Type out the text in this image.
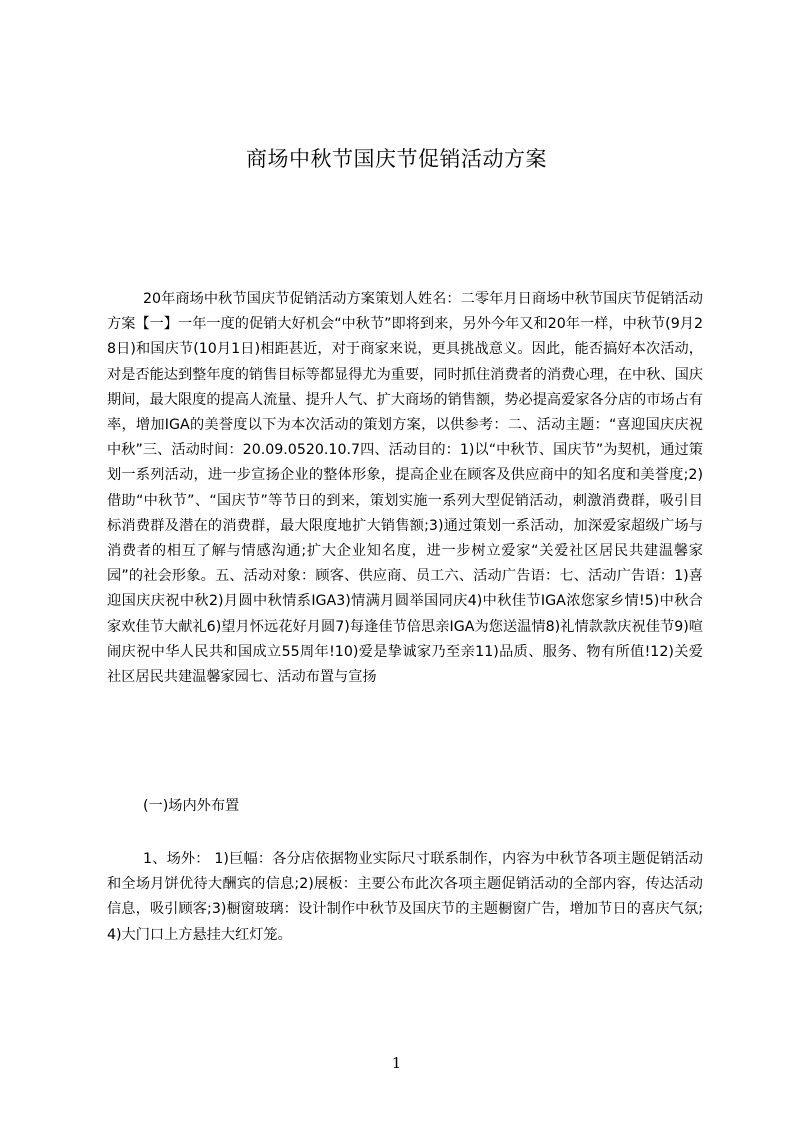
商场中秋节国庆节促销活动方案

20年商场中秋节国庆节促销活动方案策划人姓名：二零年月日商场中秋节国庆节促销活动方案【一】一年一度的促销大好机会“中秋节”即将到来，另外今年又和20年一样，中秋节(9月28日)和国庆节(10月1日)相距甚近，对于商家来说，更具挑战意义。因此，能否搞好本次活动，对是否能达到整年度的销售目标等都显得尤为重要，同时抓住消费者的消费心理，在中秋、国庆期间，最大限度的提高人流量、提升人气、扩大商场的销售额，势必提高爱家各分店的市场占有率，增加IGA的美誉度以下为本次活动的策划方案，以供参考：二、活动主题：“喜迎国庆庆祝中秋”三、活动时间：20.09.0520.10.7四、活动目的：1)以“中秋节、国庆节”为契机，通过策划一系列活动，进一步宣扬企业的整体形象，提高企业在顾客及供应商中的知名度和美誉度;2)借助“中秋节”、“国庆节”等节日的到来，策划实施一系列大型促销活动，刺激消费群，吸引目标消费群及潜在的消费群，最大限度地扩大销售额;3)通过策划一系活动，加深爱家超级广场与消费者的相互了解与情感沟通;扩大企业知名度，进一步树立爱家“关爱社区居民共建温馨家园”的社会形象。五、活动对象：顾客、供应商、员工六、活动广告语：七、活动广告语：1)喜迎国庆庆祝中秋2)月圆中秋情系IGA3)情满月圆举国同庆4)中秋佳节IGA浓您家乡情!5)中秋合家欢佳节大献礼6)望月怀远花好月圆7)每逢佳节倍思亲IGA为您送温情8)礼情款款庆祝佳节9)喧闹庆祝中华人民共和国成立55周年!10)爱是挚诚家乃至亲11)品质、服务、物有所值!12)关爱社区居民共建温馨家园七、活动布置与宣扬

(一)场内外布置

1、场外： 1)巨幅：各分店依据物业实际尺寸联系制作，内容为中秋节各项主题促销活动和全场月饼优待大酬宾的信息;2)展板：主要公布此次各项主题促销活动的全部内容，传达活动信息，吸引顾客;3)橱窗玻璃：设计制作中秋节及国庆节的主题橱窗广告，增加节日的喜庆气氛;4)大门口上方悬挂大红灯笼。

1
